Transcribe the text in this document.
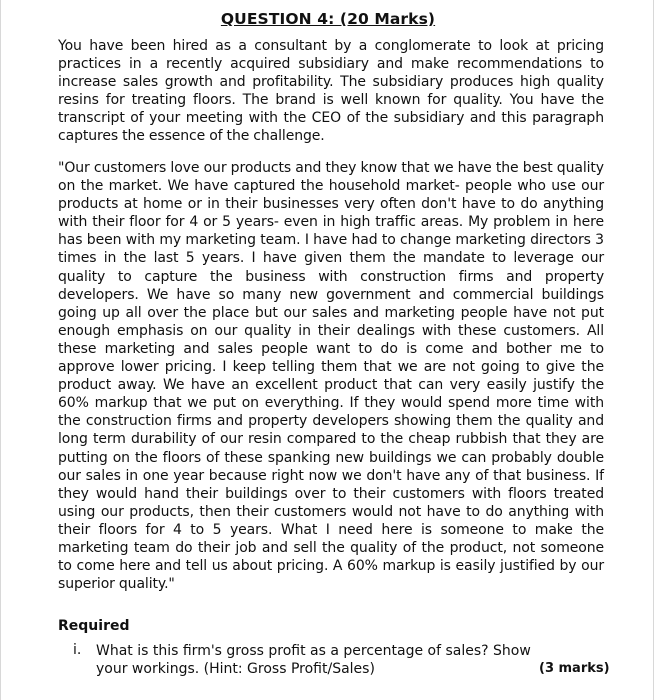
QUESTION 4: (20 Marks)

You have been hired as a consultant by a conglomerate to look at pricing practices in a recently acquired subsidiary and make recommendations to increase sales growth and profitability. The subsidiary produces high quality resins for treating floors. The brand is well known for quality. You have the transcript of your meeting with the CEO of the subsidiary and this paragraph captures the essence of the challenge.

"Our customers love our products and they know that we have the best quality on the market. We have captured the household market- people who use our products at home or in their businesses very often don't have to do anything with their floor for 4 or 5 years- even in high traffic areas. My problem in here has been with my marketing team. I have had to change marketing directors 3 times in the last 5 years. I have given them the mandate to leverage our quality to capture the business with construction firms and property developers. We have so many new government and commercial buildings going up all over the place but our sales and marketing people have not put enough emphasis on our quality in their dealings with these customers. All these marketing and sales people want to do is come and bother me to approve lower pricing. I keep telling them that we are not going to give the product away. We have an excellent product that can very easily justify the 60% markup that we put on everything. If they would spend more time with the construction firms and property developers showing them the quality and long term durability of our resin compared to the cheap rubbish that they are putting on the floors of these spanking new buildings we can probably double our sales in one year because right now we don't have any of that business. If they would hand their buildings over to their customers with floors treated using our products, then their customers would not have to do anything with their floors for 4 to 5 years. What I need here is someone to make the marketing team do their job and sell the quality of the product, not someone to come here and tell us about pricing. A 60% markup is easily justified by our superior quality."

Required
i. What is this firm's gross profit as a percentage of sales? Show your workings. (Hint: Gross Profit/Sales)	(3 marks)
